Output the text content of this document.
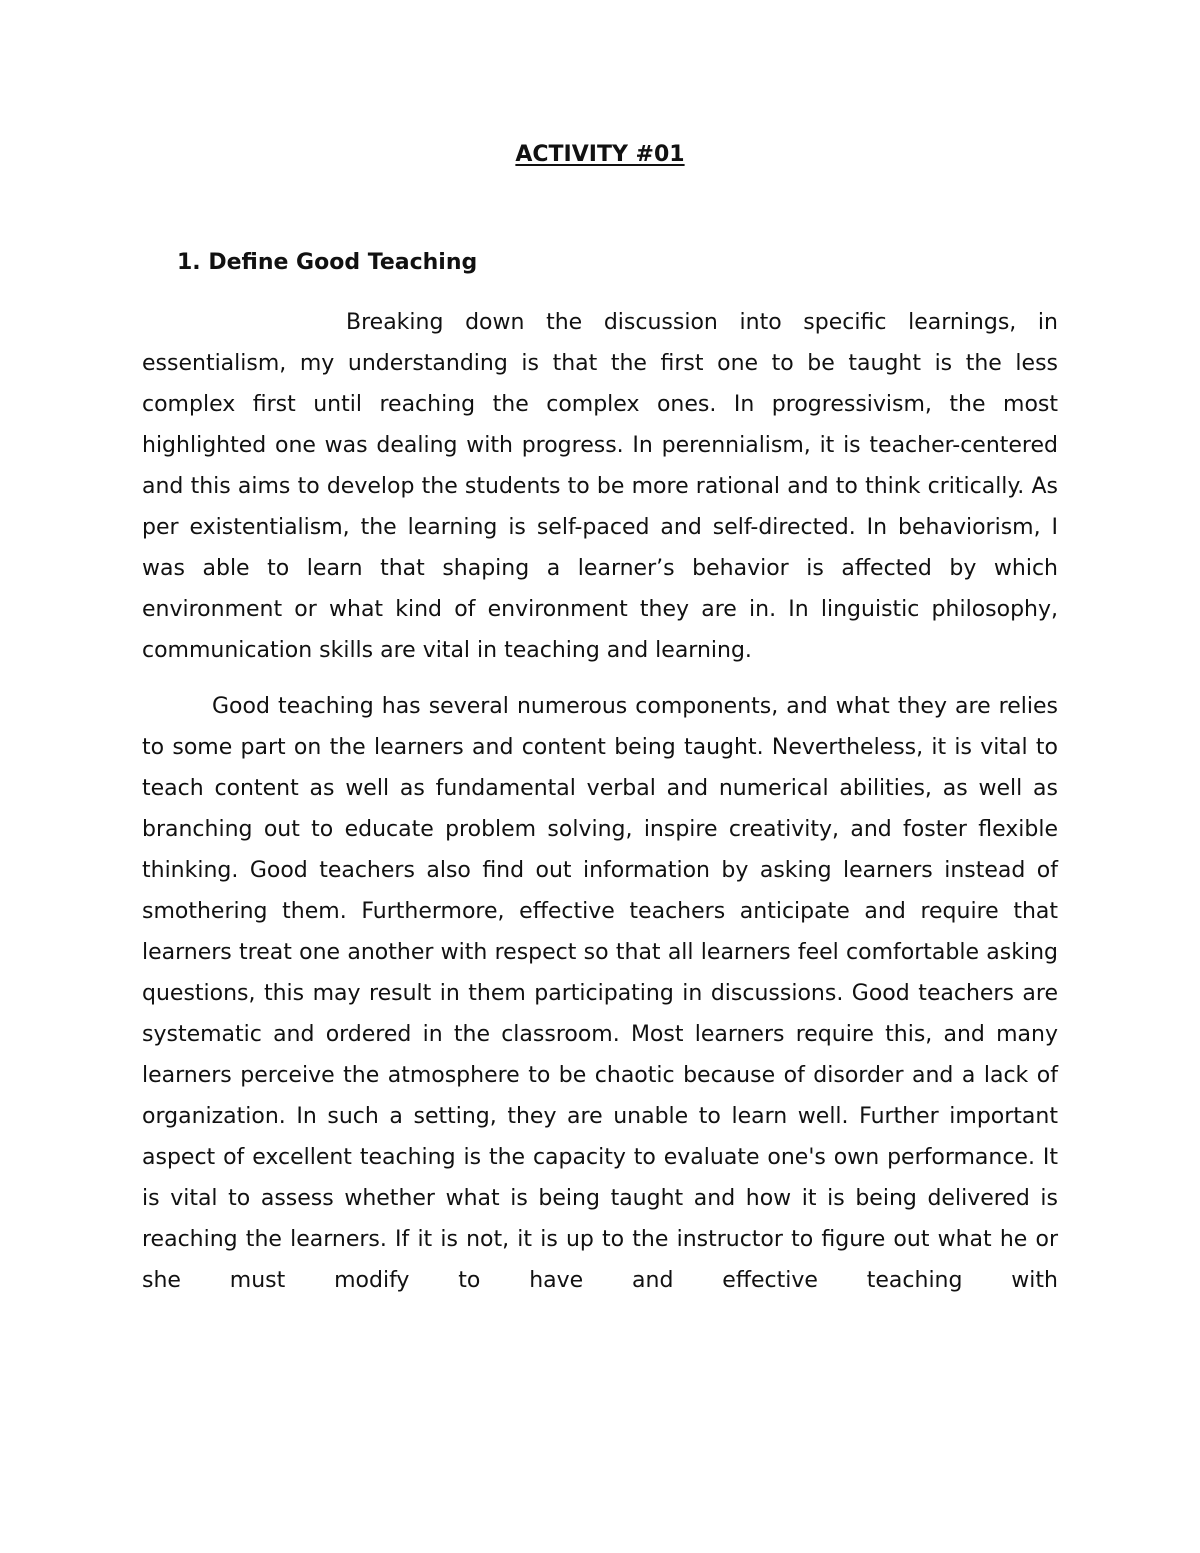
ACTIVITY #01
1. Define Good Teaching

Breaking down the discussion into specific learnings, in essentialism, my understanding is that the first one to be taught is the less complex first until reaching the complex ones. In progressivism, the most highlighted one was dealing with progress. In perennialism, it is teacher-centered and this aims to develop the students to be more rational and to think critically. As per existentialism, the learning is self-paced and self-directed. In behaviorism, I was able to learn that shaping a learner’s behavior is affected by which environment or what kind of environment they are in. In linguistic philosophy, communication skills are vital in teaching and learning.

Good teaching has several numerous components, and what they are relies to some part on the learners and content being taught. Nevertheless, it is vital to teach content as well as fundamental verbal and numerical abilities, as well as branching out to educate problem solving, inspire creativity, and foster flexible thinking. Good teachers also find out information by asking learners instead of smothering them. Furthermore, effective teachers anticipate and require that learners treat one another with respect so that all learners feel comfortable asking questions, this may result in them participating in discussions. Good teachers are systematic and ordered in the classroom. Most learners require this, and many learners perceive the atmosphere to be chaotic because of disorder and a lack of organization. In such a setting, they are unable to learn well. Further important aspect of excellent teaching is the capacity to evaluate one's own performance. It is vital to assess whether what is being taught and how it is being delivered is reaching the learners. If it is not, it is up to the instructor to figure out what he or she must modify to have and effective teaching with
